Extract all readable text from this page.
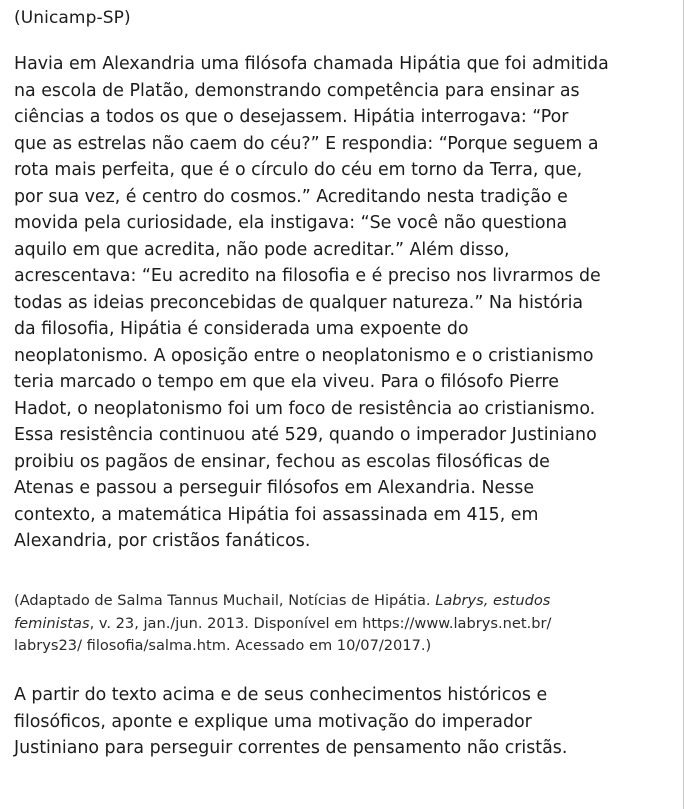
(Unicamp-SP)

Havia em Alexandria uma filósofa chamada Hipátia que foi admitida
na escola de Platão, demonstrando competência para ensinar as
ciências a todos os que o desejassem. Hipátia interrogava: “Por
que as estrelas não caem do céu?” E respondia: “Porque seguem a
rota mais perfeita, que é o círculo do céu em torno da Terra, que,
por sua vez, é centro do cosmos.” Acreditando nesta tradição e
movida pela curiosidade, ela instigava: “Se você não questiona
aquilo em que acredita, não pode acreditar.” Além disso,
acrescentava: “Eu acredito na filosofia e é preciso nos livrarmos de
todas as ideias preconcebidas de qualquer natureza.” Na história
da filosofia, Hipátia é considerada uma expoente do
neoplatonismo. A oposição entre o neoplatonismo e o cristianismo
teria marcado o tempo em que ela viveu. Para o filósofo Pierre
Hadot, o neoplatonismo foi um foco de resistência ao cristianismo.
Essa resistência continuou até 529, quando o imperador Justiniano
proibiu os pagãos de ensinar, fechou as escolas filosóficas de
Atenas e passou a perseguir filósofos em Alexandria. Nesse
contexto, a matemática Hipátia foi assassinada em 415, em
Alexandria, por cristãos fanáticos.

(Adaptado de Salma Tannus Muchail, Notícias de Hipátia. Labrys, estudos
feministas, v. 23, jan./jun. 2013. Disponível em https://www.labrys.net.br/
labrys23/ filosofia/salma.htm. Acessado em 10/07/2017.)

A partir do texto acima e de seus conhecimentos históricos e
filosóficos, aponte e explique uma motivação do imperador
Justiniano para perseguir correntes de pensamento não cristãs.
